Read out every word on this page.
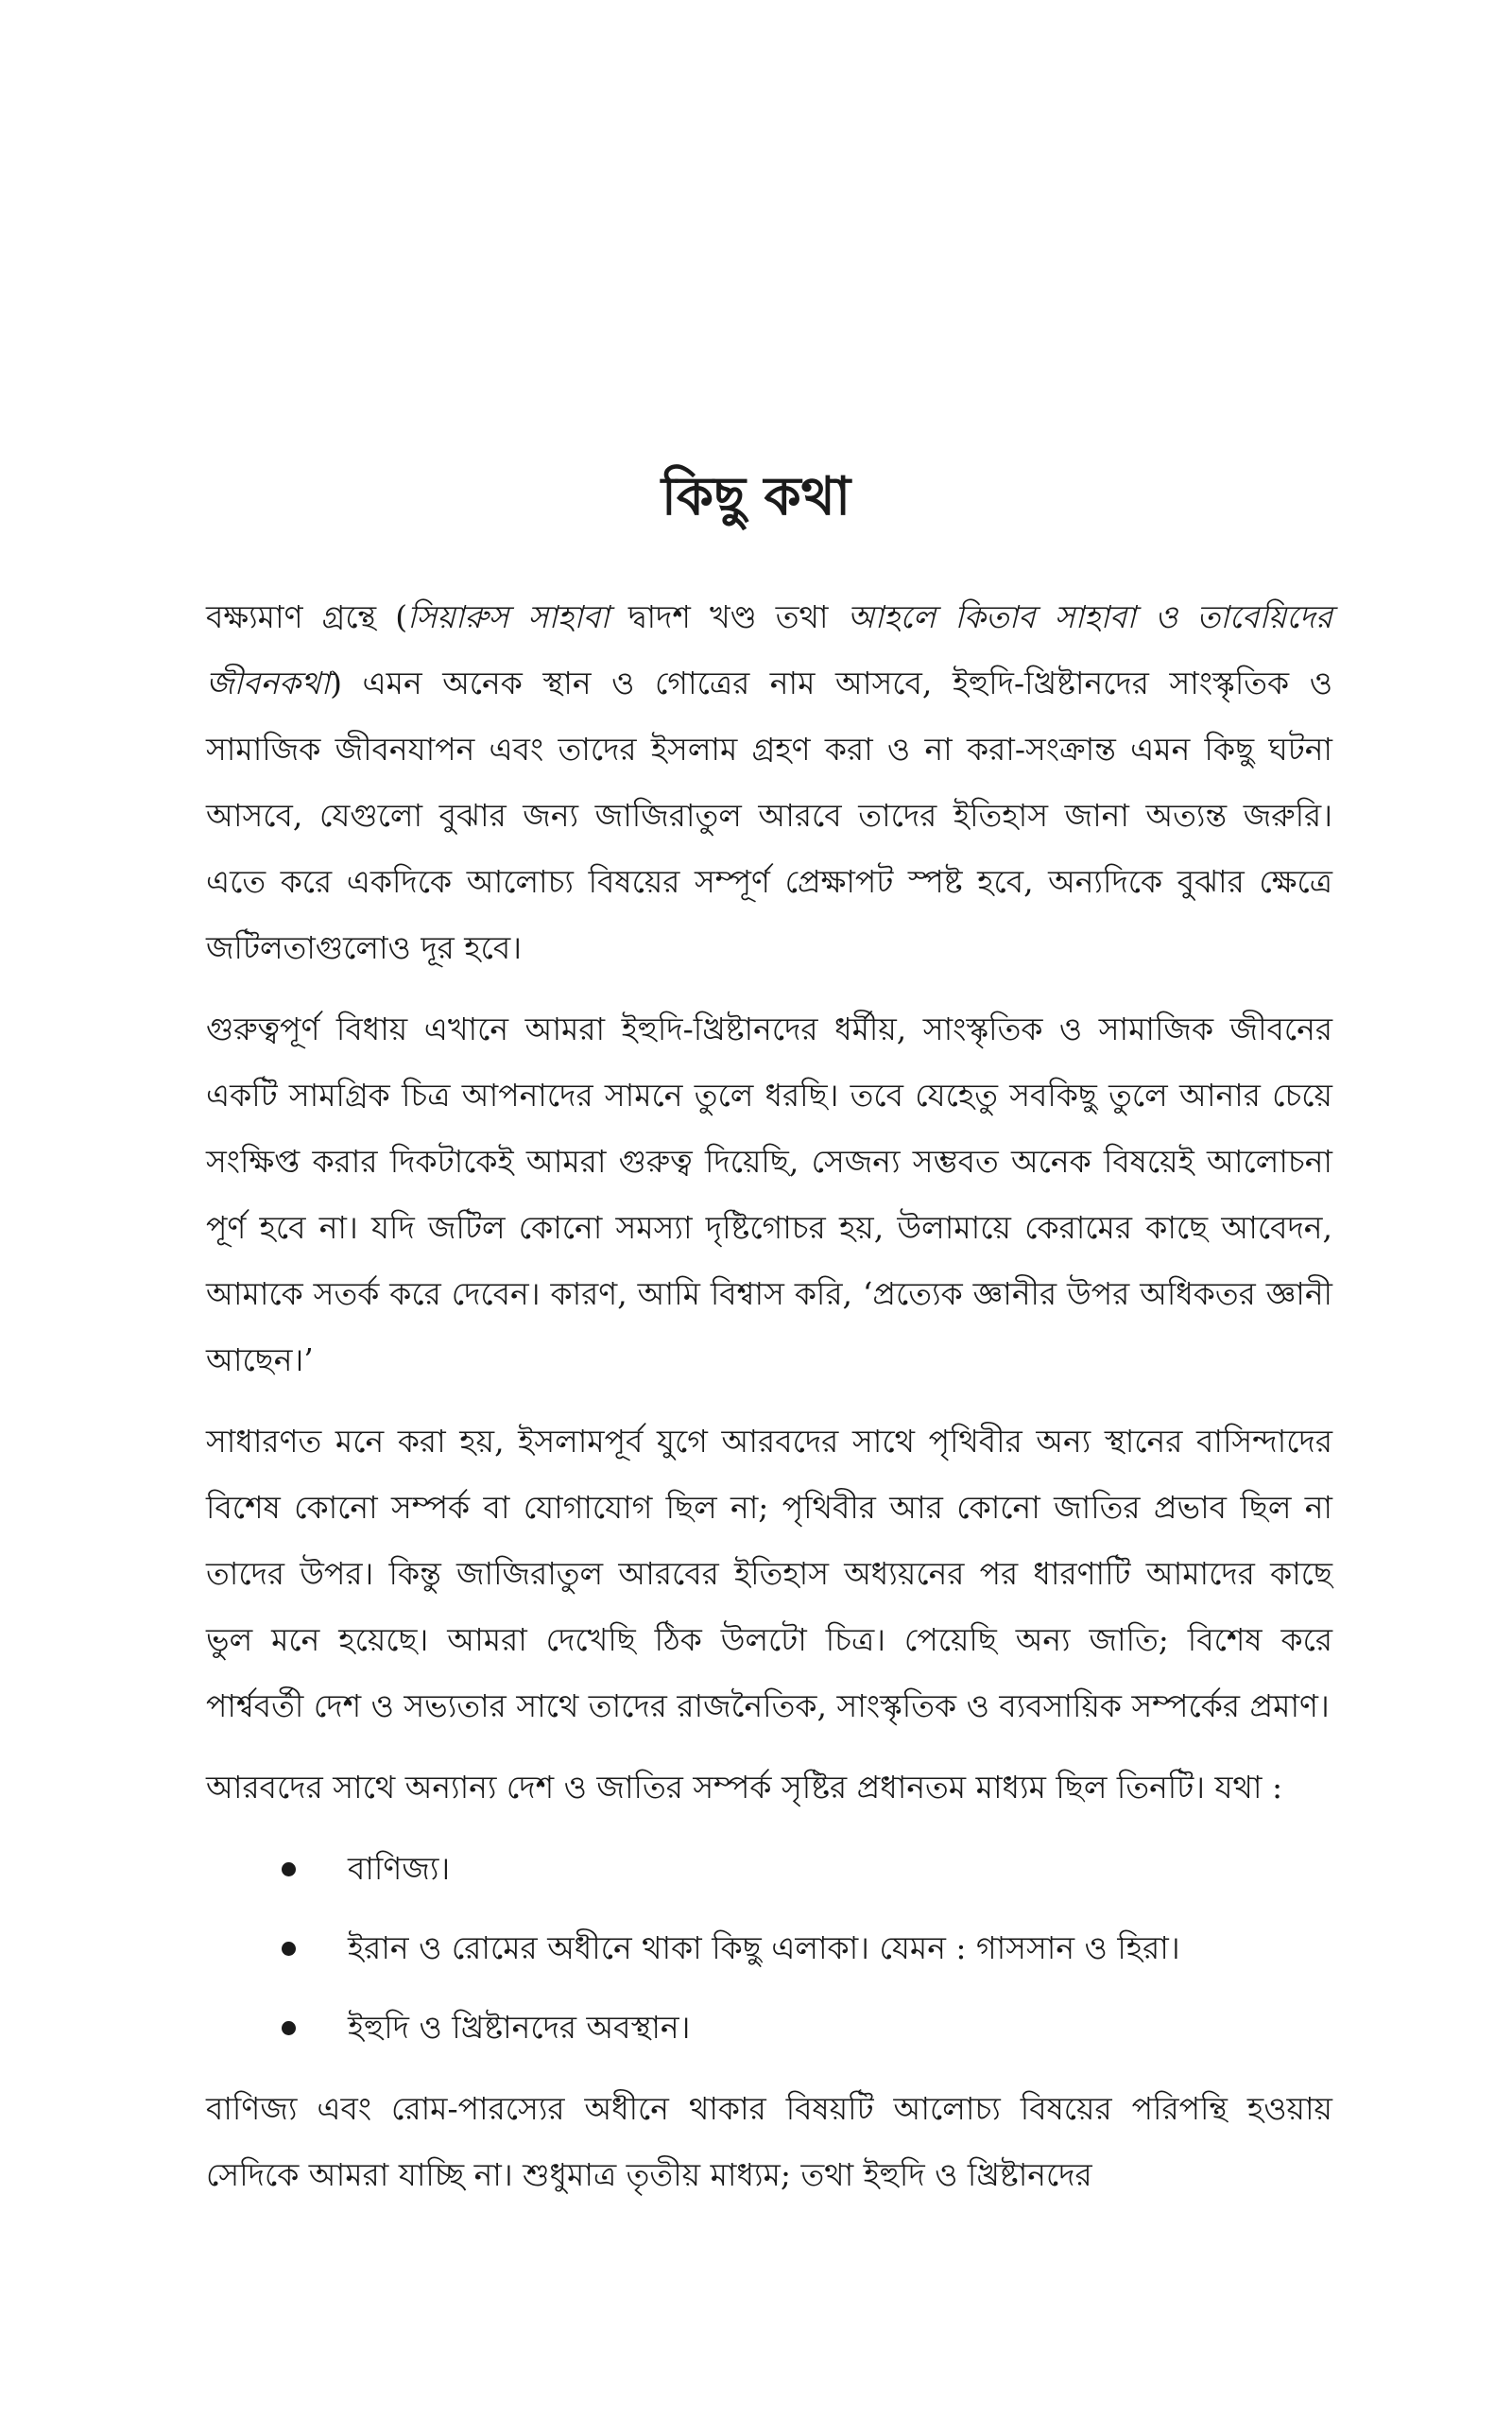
কিছু কথা

বক্ষ্যমাণ গ্রন্থে (সিয়ারুস সাহাবা দ্বাদশ খণ্ড তথা আহলে কিতাব সাহাবা ও তাবেয়িদের জীবনকথা) এমন অনেক স্থান ও গোত্রের নাম আসবে, ইহুদি-খ্রিষ্টানদের সাংস্কৃতিক ও সামাজিক জীবনযাপন এবং তাদের ইসলাম গ্রহণ করা ও না করা-সংক্রান্ত এমন কিছু ঘটনা আসবে, যেগুলো বুঝার জন্য জাজিরাতুল আরবে তাদের ইতিহাস জানা অত্যন্ত জরুরি। এতে করে একদিকে আলোচ্য বিষয়ের সম্পূর্ণ প্রেক্ষাপট স্পষ্ট হবে, অন্যদিকে বুঝার ক্ষেত্রে জটিলতাগুলোও দূর হবে।

গুরুত্বপূর্ণ বিধায় এখানে আমরা ইহুদি-খ্রিষ্টানদের ধর্মীয়, সাংস্কৃতিক ও সামাজিক জীবনের একটি সামগ্রিক চিত্র আপনাদের সামনে তুলে ধরছি। তবে যেহেতু সবকিছু তুলে আনার চেয়ে সংক্ষিপ্ত করার দিকটাকেই আমরা গুরুত্ব দিয়েছি, সেজন্য সম্ভবত অনেক বিষয়েই আলোচনা পূর্ণ হবে না। যদি জটিল কোনো সমস্যা দৃষ্টিগোচর হয়, উলামায়ে কেরামের কাছে আবেদন, আমাকে সতর্ক করে দেবেন। কারণ, আমি বিশ্বাস করি, ‘প্রত্যেক জ্ঞানীর উপর অধিকতর জ্ঞানী আছেন।’

সাধারণত মনে করা হয়, ইসলামপূর্ব যুগে আরবদের সাথে পৃথিবীর অন্য স্থানের বাসিন্দাদের বিশেষ কোনো সম্পর্ক বা যোগাযোগ ছিল না; পৃথিবীর আর কোনো জাতির প্রভাব ছিল না তাদের উপর। কিন্তু জাজিরাতুল আরবের ইতিহাস অধ্যয়নের পর ধারণাটি আমাদের কাছে ভুল মনে হয়েছে। আমরা দেখেছি ঠিক উলটো চিত্র। পেয়েছি অন্য জাতি; বিশেষ করে পার্শ্ববর্তী দেশ ও সভ্যতার সাথে তাদের রাজনৈতিক, সাংস্কৃতিক ও ব্যবসায়িক সম্পর্কের প্রমাণ।

আরবদের সাথে অন্যান্য দেশ ও জাতির সম্পর্ক সৃষ্টির প্রধানতম মাধ্যম ছিল তিনটি। যথা :

বাণিজ্য।
ইরান ও রোমের অধীনে থাকা কিছু এলাকা। যেমন : গাসসান ও হিরা।
ইহুদি ও খ্রিষ্টানদের অবস্থান।

বাণিজ্য এবং রোম-পারস্যের অধীনে থাকার বিষয়টি আলোচ্য বিষয়ের পরিপন্থি হওয়ায় সেদিকে আমরা যাচ্ছি না। শুধুমাত্র তৃতীয় মাধ্যম; তথা ইহুদি ও খ্রিষ্টানদের
